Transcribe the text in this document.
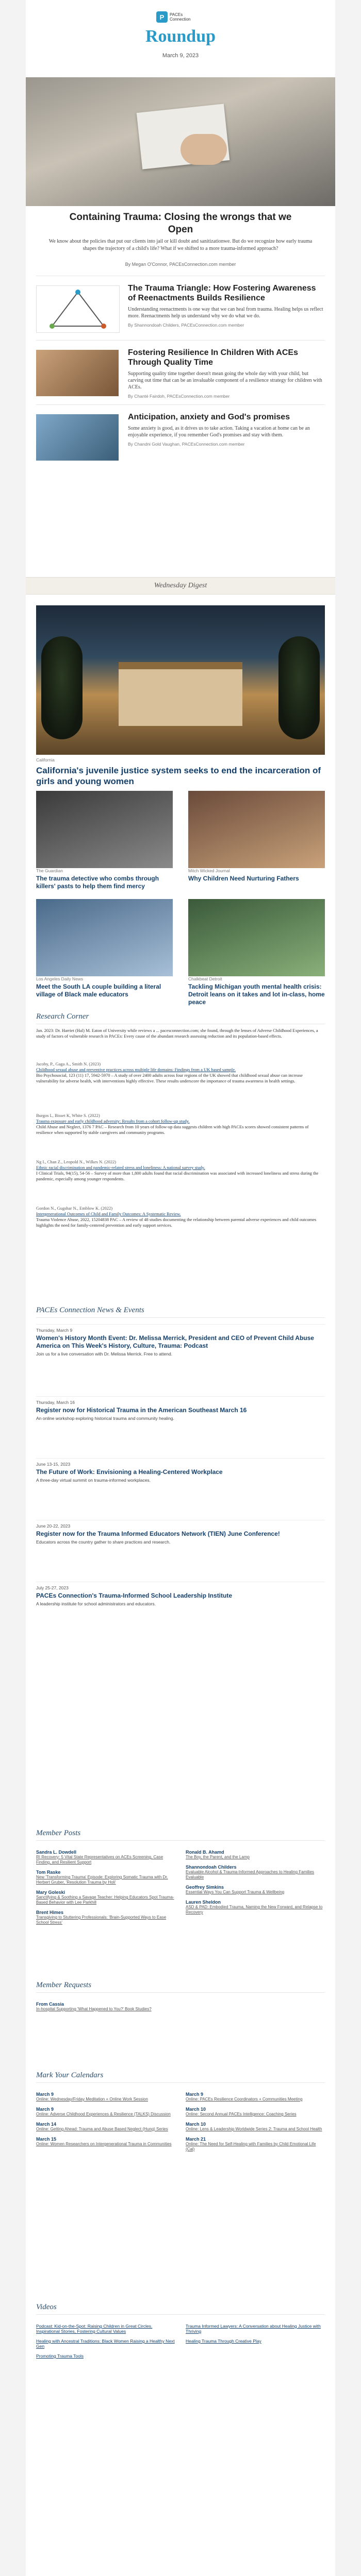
P	PACEs
Connection
Roundup
March 9, 2023
Containing Trauma: Closing the wrongs that we
Open
We know about the policies that put our clients into jail or kill doubt and sanitizationwe. But do we recognize how early trauma shapes the trajectory of a child's life? What if we shifted to a more trauma-informed approach?
By Megan O'Connor, PACEsConnection.com member
The Trauma Triangle: How Fostering Awareness of Reenactments Builds Resilience

Understanding reenactments is one way that we can heal from trauma. Healing helps us reflect more. Reenactments help us understand why we do what we do.

By Shannondoah Childers, PACEsConnection.com member
Fostering Resilience In Children With ACEs Through Quality Time

Supporting quality time together doesn't mean going the whole day with your child, but carving out time that can be an invaluable component of a resilience strategy for children with ACEs.

By Chanté Fairdoh, PACEsConnection.com member
Anticipation, anxiety and God's promises

Some anxiety is good, as it drives us to take action. Taking a vacation at home can be an enjoyable experience, if you remember God's promises and stay with them.

By Chandni Gold Vaughan, PACEsConnection.com member
Wednesday Digest
California
California's juvenile justice system seeks to end the incarceration of girls and young women
The Guardian
The trauma detective who combs through killers' pasts to help them find mercy
Mitch Wicked Journal
Why Children Need Nurturing Fathers
Los Angeles Daily News
Meet the South LA couple building a literal village of Black male educators
Chalkbeat Detroit
Tackling Michigan youth mental health crisis: Detroit leans on it takes and lot in-class, home peace
Research Corner
Jan. 2023: Dr. Harriet (Hal) M. Eaton of University while reviews a ... pacesconnection.com; she found, through the lenses of Adverse Childhood Experiences, a study of factors of vulnerable research in PACEs: Every cause of the abundant research assessing reduction and its population-based effects.
Jacoby, P., Gaga A., Smith N. (2023)
Childhood sexual abuse and preventive practices across multiple life domains: Findings from a UK based sample.
Bio Psychosocial, 123 (11) 17, 5942-5970 – A study of over 2400 adults across four regions of the UK showed that childhood sexual abuse can increase vulnerability for adverse health, with interventions highly effective. These results underscore the importance of trauma awareness in health settings.
Burgos L, Bisset K, White S. (2022)
Trauma exposure and early childhood adversity: Results from a cohort follow-up study.
Child Abuse and Neglect, 1376 7 PAC – Research from 10 years of follow-up data suggests children with high PACEs scores showed consistent patterns of resilience when supported by stable caregivers and community programs.
Ng I., Chan Z., Leopold N., Wilkes N. (2022)
Ethnic racial discrimination and pandemic-related stress and loneliness: A national survey study.
I Clinical Trials, 94(15), 54-56 – Survey of more than 1,800 adults found that racial discrimination was associated with increased loneliness and stress during the pandemic, especially among younger respondents.
Gordon N., Gugshar N., Emblow K. (2022)
Intergenerational Outcomes of Child and Family Outcomes: A Systematic Review.
Trauma Violence Abuse, 2022, 15204838 PAC – A review of 48 studies documenting the relationship between parental adverse experiences and child outcomes highlights the need for family-centered prevention and early support services.
PACEs Connection News & Events
Thursday, March 9
Women's History Month Event: Dr. Melissa Merrick, President and CEO of Prevent Child Abuse America on This Week's History, Culture, Trauma: Podcast
Join us for a live conversation with Dr. Melissa Merrick. Free to attend.
Thursday, March 16
Register now for Historical Trauma in the American Southeast March 16
An online workshop exploring historical trauma and community healing.
June 13-15, 2023
The Future of Work: Envisioning a Healing-Centered Workplace
A three-day virtual summit on trauma-informed workplaces.
June 20-22, 2023
Register now for the Trauma Informed Educators Network (TIEN) June Conference!
Educators across the country gather to share practices and research.
July 25-27, 2023
PACEs Connection's Trauma-Informed School Leadership Institute
A leadership institute for school administrators and educators.
Member Posts
Sandra L. Dowdell
RI Recovery: 5 Vital State Representatives on ACEs Screening, Case Finding, and Resilient Support
Tom Raske
New 'Transforming Trauma' Episode: Exploring Somatic Trauma with Dr. Herbert Gruber, 'Resolution Trauma by Holi'
Mary Goleski
Sanctifying & Soothing a Savage Teacher: Helping Educators Spot Trauma-Based Behavior with Lee Parkhill
Brent Himes
Transgiving to Stuttering Professionals: 'Brain-Supported Ways to Ease School Stress'
Ronald B. Ahamd
The Boy, the Parent, and the Lamp
Shannondoah Childers
Evaluable Alcohol & Trauma-Informed Approaches to Healing Families Evaluable
Geoffrey Simkins
Essential Ways You Can Support Trauma & Wellbeing
Lauren Sheldon
ASD & PAD: Embodied Trauma, Naming the New Forward, and Relapse to Recovery
Member Requests
From Cassia
In-hospital Supporting 'What Happened to You?' Book Studies?
Mark Your Calendars
March 9
Online: Wednesday/Friday Meditation + Online Work Session
March 9
Online: Adverse Childhood Experiences & Resilience (TALKS) Discussion
March 14
Online: Getting Ahead: Trauma and Abuse Based Neglect (Hung) Series
March 15
Online: Women Researchers on Intergenerational Trauma in Communities
March 9
Online: PACEs Resilience Coordinators + Communities Meeting
March 10
Online: Second Annual PACEs Intelligence: Coaching Series
March 10
Online: Lens & Leadership Worldwide Series 2: Trauma and School Health
March 21
Online: The Need for Self-Healing with Families by Child Emotional Life (Cal)
Videos
Podcast: Kid-on-the-Spot: Raising Children in Great Circles. Inspirational Stories, Fostering Cultural Values
Healing with Ancestral Traditions: Black Women Raising a Healthy Next Gen
Promoting Trauma Tools
Trauma Informed Lawyers: A Conversation about Healing Justice with Thriving
Healing Trauma Through Creative Play
